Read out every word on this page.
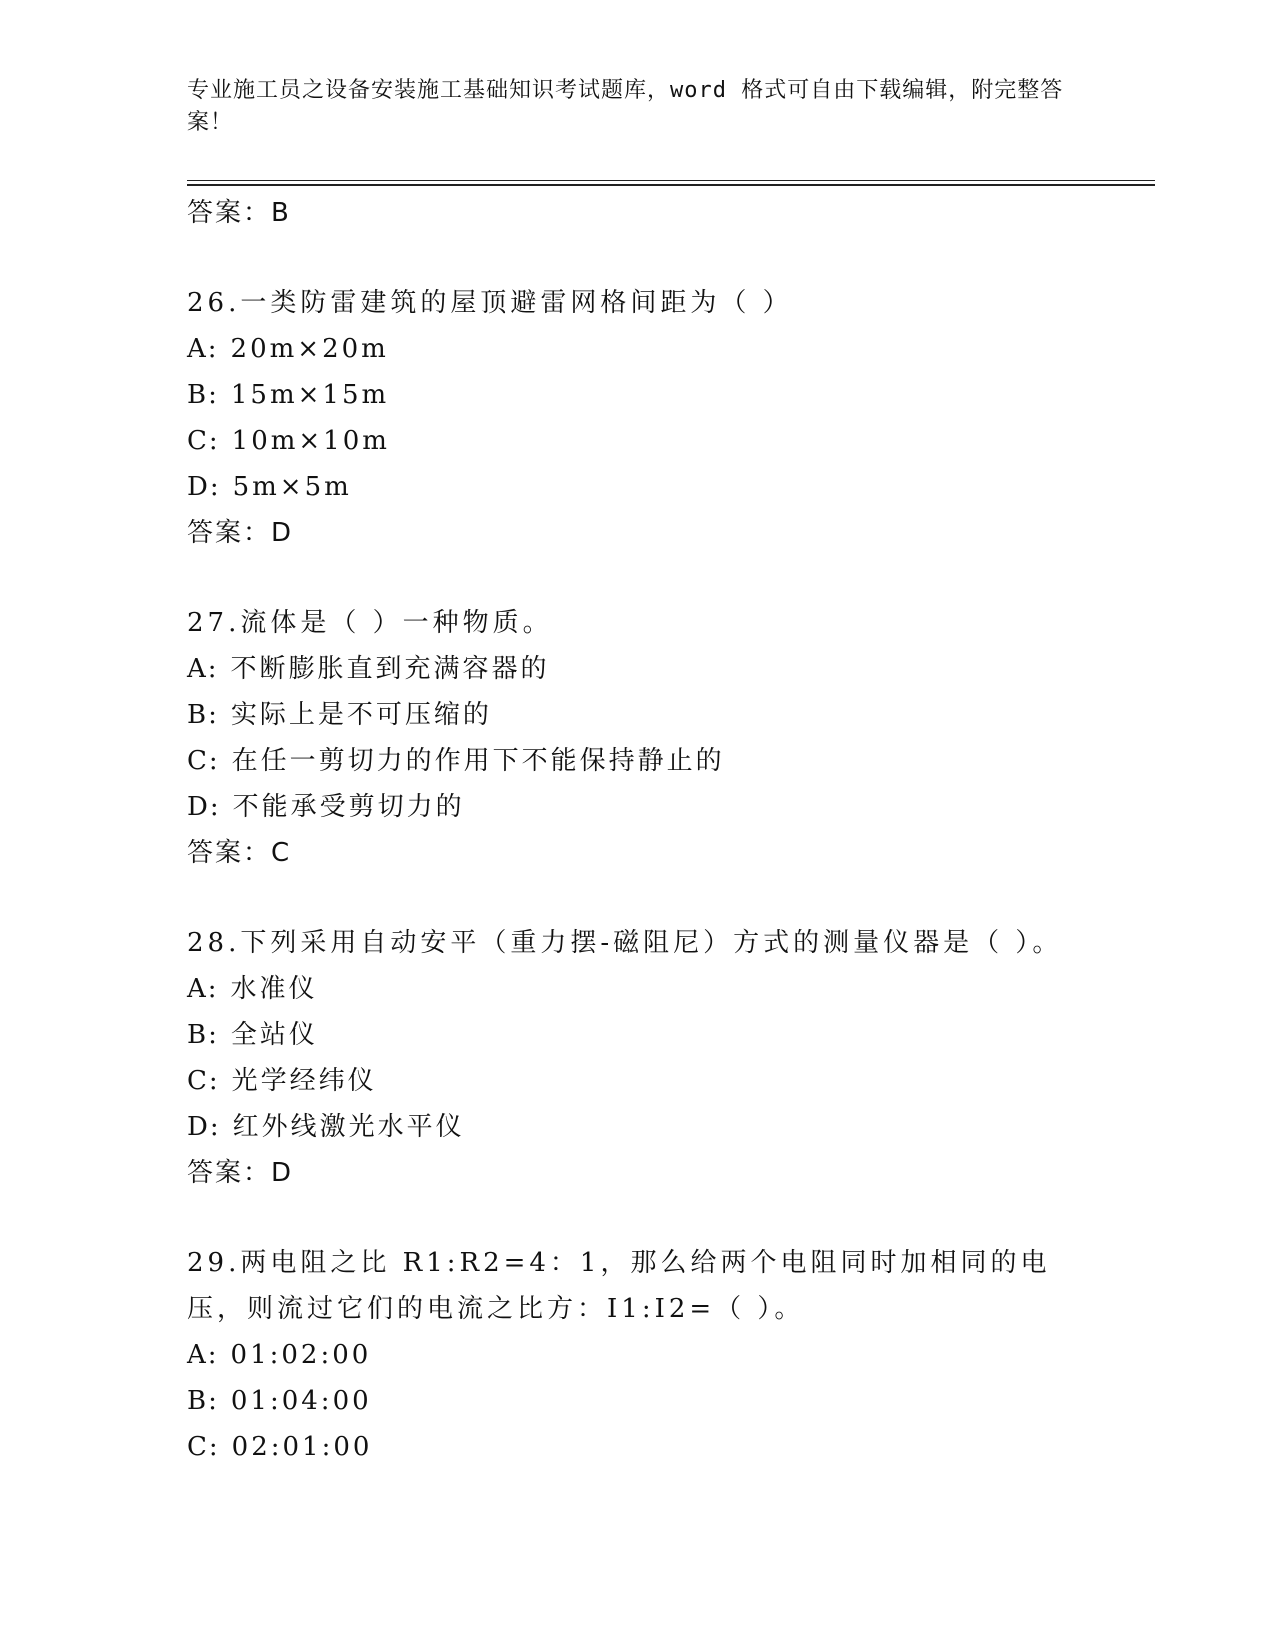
专业施工员之设备安装施工基础知识考试题库，word 格式可自由下载编辑，附完整答案！
答案：B
26.一类防雷建筑的屋顶避雷网格间距为（ ）
A: 20m×20m
B: 15m×15m
C: 10m×10m
D: 5m×5m
答案：D
27.流体是（ ）一种物质。
A: 不断膨胀直到充满容器的
B: 实际上是不可压缩的
C: 在任一剪切力的作用下不能保持静止的
D: 不能承受剪切力的
答案：C
28.下列采用自动安平（重力摆-磁阻尼）方式的测量仪器是（ ）。
A: 水准仪
B: 全站仪
C: 光学经纬仪
D: 红外线激光水平仪
答案：D
29.两电阻之比 R1:R2=4：1，那么给两个电阻同时加相同的电压，则流过它们的电流之比方：I1:I2=（ ）。
A: 01:02:00
B: 01:04:00
C: 02:01:00
